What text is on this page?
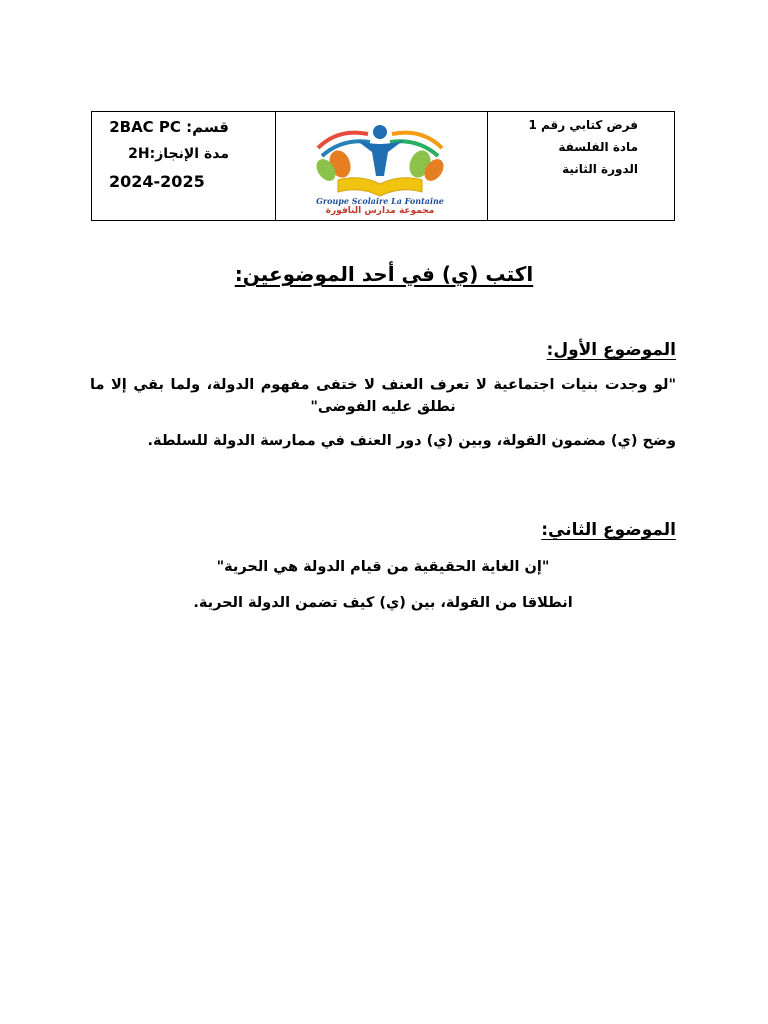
قسم: 2BAC PC
مدة الإنجاز:2H
2024-2025
Groupe Scolaire La Fontaine
مجموعة مدارس النافورة
فرض كتابي رقم 1
مادة الفلسفة
الدورة الثانية
اكتب (ي) في أحد الموضوعين:
الموضوع الأول:
"لو وجدت بنيات اجتماعية لا تعرف العنف لا ختفى مفهوم الدولة، ولما بقي إلا ما نطلق عليه الفوضى"
وضح (ي) مضمون القولة، وبين (ي) دور العنف في ممارسة الدولة للسلطة.
الموضوع الثاني:
"إن الغاية الحقيقية من قيام الدولة هي الحرية"
انطلاقا من القولة، بين (ي) كيف تضمن الدولة الحرية.
